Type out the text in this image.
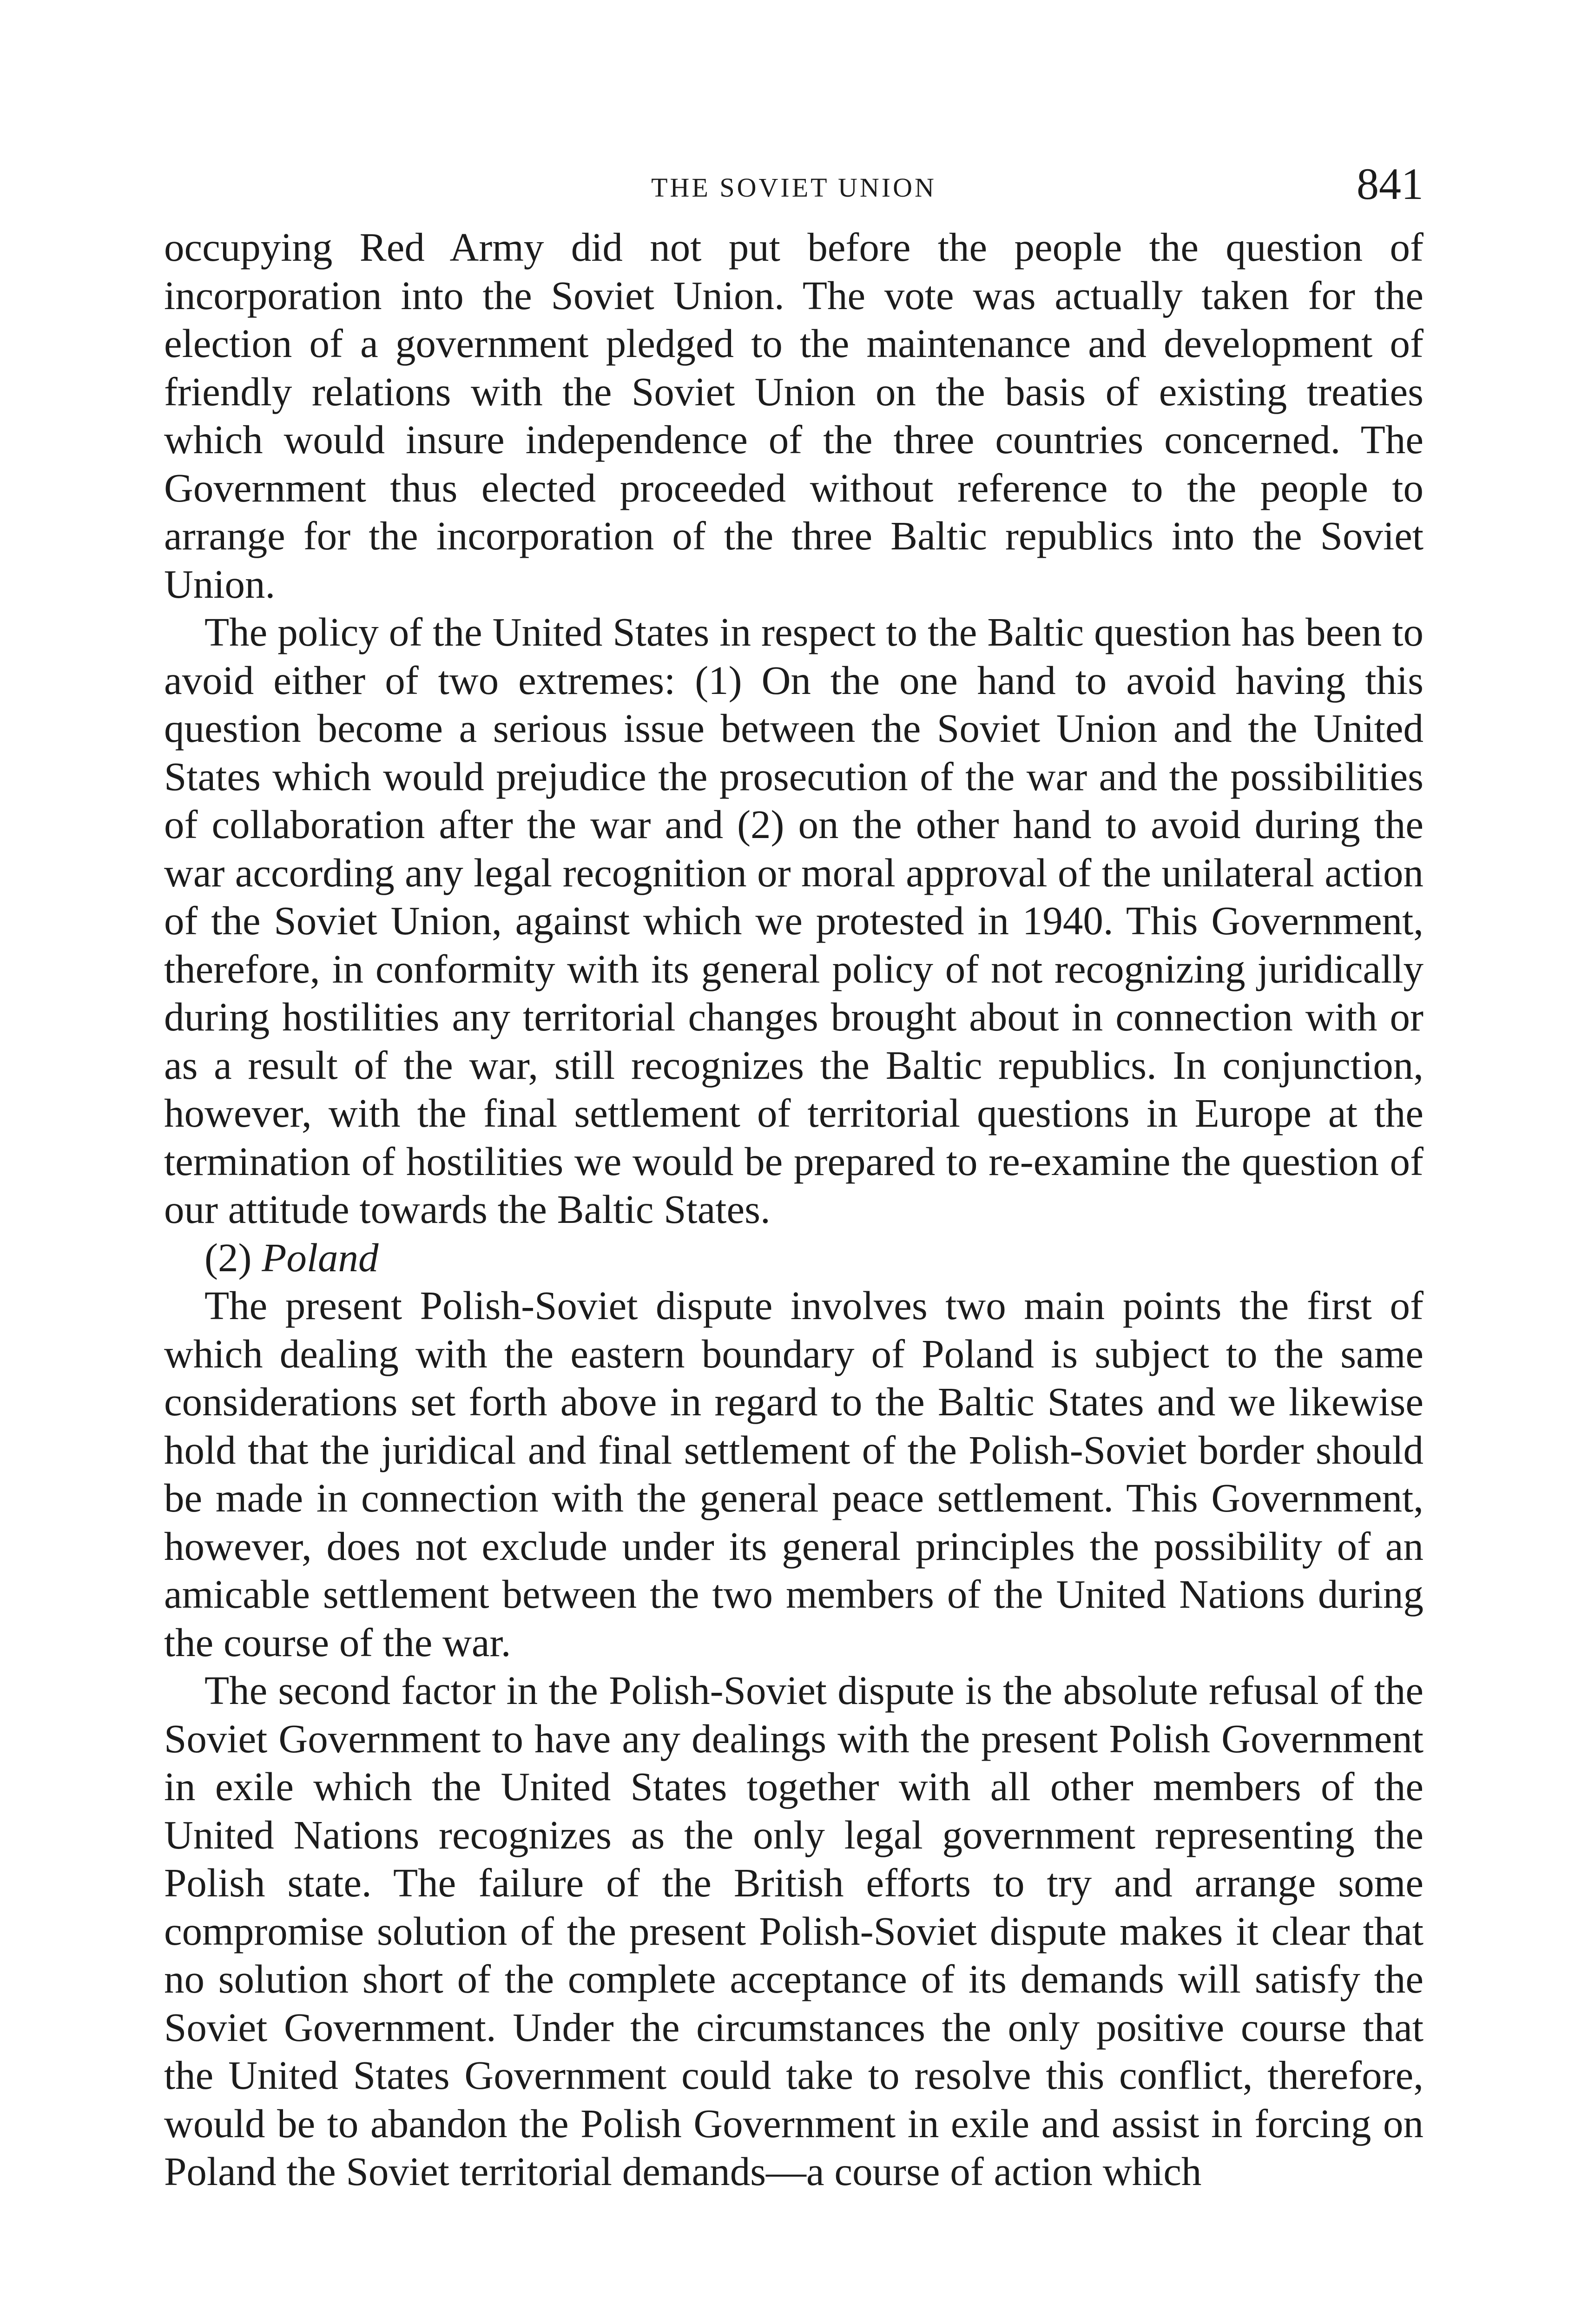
THE SOVIET UNION	841

occupying Red Army did not put before the people the question of incorporation into the Soviet Union. The vote was actually taken for the election of a government pledged to the maintenance and development of friendly relations with the Soviet Union on the basis of existing treaties which would insure independence of the three countries concerned. The Government thus elected proceeded without reference to the people to arrange for the incorporation of the three Baltic republics into the Soviet Union.

The policy of the United States in respect to the Baltic question has been to avoid either of two extremes: (1) On the one hand to avoid having this question become a serious issue between the Soviet Union and the United States which would prejudice the prosecution of the war and the possibilities of collaboration after the war and (2) on the other hand to avoid during the war according any legal recognition or moral approval of the unilateral action of the Soviet Union, against which we protested in 1940. This Government, therefore, in conformity with its general policy of not recognizing juridically during hostilities any territorial changes brought about in connection with or as a result of the war, still recognizes the Baltic republics. In conjunction, however, with the final settlement of territorial questions in Europe at the termination of hostilities we would be prepared to re-examine the question of our attitude towards the Baltic States.

(2) Poland

The present Polish-Soviet dispute involves two main points the first of which dealing with the eastern boundary of Poland is subject to the same considerations set forth above in regard to the Baltic States and we likewise hold that the juridical and final settlement of the Polish-Soviet border should be made in connection with the general peace settlement. This Government, however, does not exclude under its general principles the possibility of an amicable settlement between the two members of the United Nations during the course of the war.

The second factor in the Polish-Soviet dispute is the absolute refusal of the Soviet Government to have any dealings with the present Polish Government in exile which the United States together with all other members of the United Nations recognizes as the only legal government representing the Polish state. The failure of the British efforts to try and arrange some compromise solution of the present Polish-Soviet dispute makes it clear that no solution short of the complete acceptance of its demands will satisfy the Soviet Government. Under the circumstances the only positive course that the United States Government could take to resolve this conflict, therefore, would be to abandon the Polish Government in exile and assist in forcing on Poland the Soviet territorial demands—a course of action which
